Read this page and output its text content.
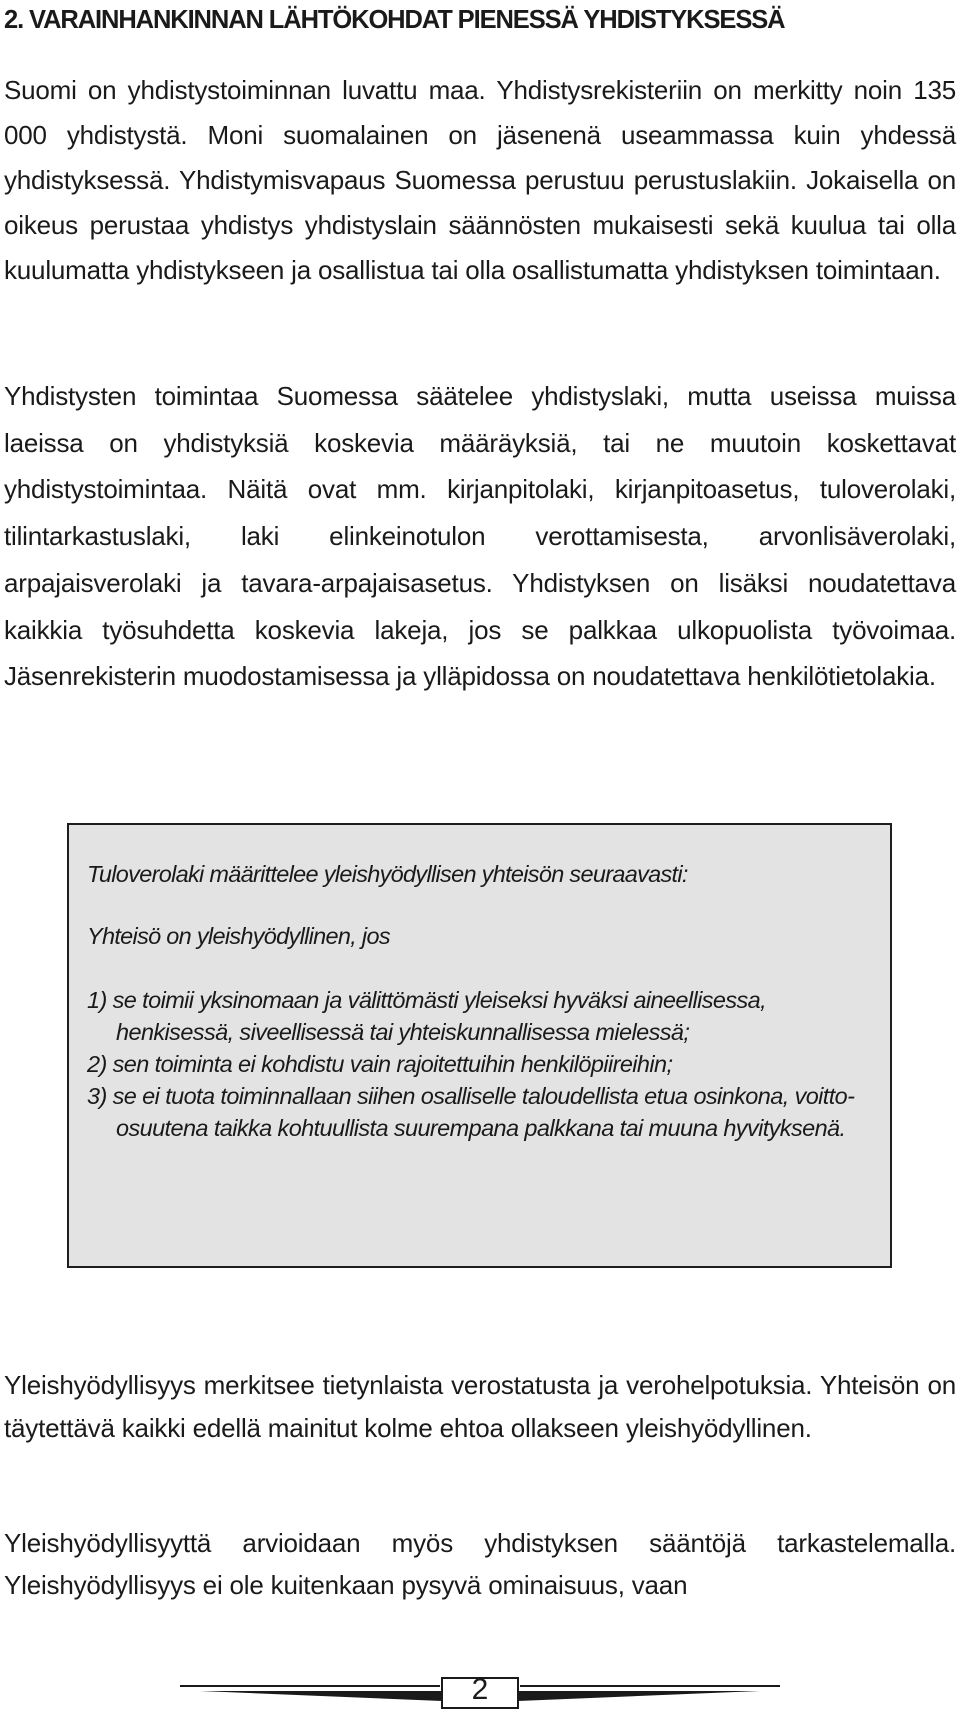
2. VARAINHANKINNAN LÄHTÖKOHDAT PIENESSÄ YHDISTYKSESSÄ

Suomi on yhdistystoiminnan luvattu maa. Yhdistysrekisteriin on merkitty noin 135 000 yhdistystä. Moni suomalainen on jäsenenä useammassa kuin yhdessä yhdistyksessä. Yhdistymisvapaus Suomessa perustuu perustuslakiin. Jokaisella on oikeus perustaa yhdistys yhdistyslain säännösten mukaisesti sekä kuulua tai olla kuulumatta yhdistykseen ja osallistua tai olla osallistumatta yhdistyksen toimintaan.

Yhdistysten toimintaa Suomessa säätelee yhdistyslaki, mutta useissa muissa laeissa on yhdistyksiä koskevia määräyksiä, tai ne muutoin koskettavat yhdistystoimintaa. Näitä ovat mm. kirjanpitolaki, kirjanpitoasetus, tuloverolaki, tilintarkastuslaki, laki elinkeinotulon verottamisesta, arvonlisäverolaki, arpajaisverolaki ja tavara-arpajaisasetus. Yhdistyksen on lisäksi noudatettava kaikkia työsuhdetta koskevia lakeja, jos se palkkaa ulkopuolista työvoimaa. Jäsenrekisterin muodostamisessa ja ylläpidossa on noudatettava henkilötietolakia.

Tuloverolaki määrittelee yleishyödyllisen yhteisön seuraavasti:

Yhteisö on yleishyödyllinen, jos

1) se toimii yksinomaan ja välittömästi yleiseksi hyväksi aineellisessa, henkisessä, siveellisessä tai yhteiskunnallisessa mielessä;
2) sen toiminta ei kohdistu vain rajoitettuihin henkilöpiireihin;
3) se ei tuota toiminnallaan siihen osalliselle taloudellista etua osinkona, voitto-osuutena taikka kohtuullista suurempana palkkana tai muuna hyvityksenä.

Yleishyödyllisyys merkitsee tietynlaista verostatusta ja verohelpotuksia. Yhteisön on täytettävä kaikki edellä mainitut kolme ehtoa ollakseen yleishyödyllinen.

Yleishyödyllisyyttä arvioidaan myös yhdistyksen sääntöjä tarkastelemalla. Yleishyödyllisyys ei ole kuitenkaan pysyvä ominaisuus, vaan

2
